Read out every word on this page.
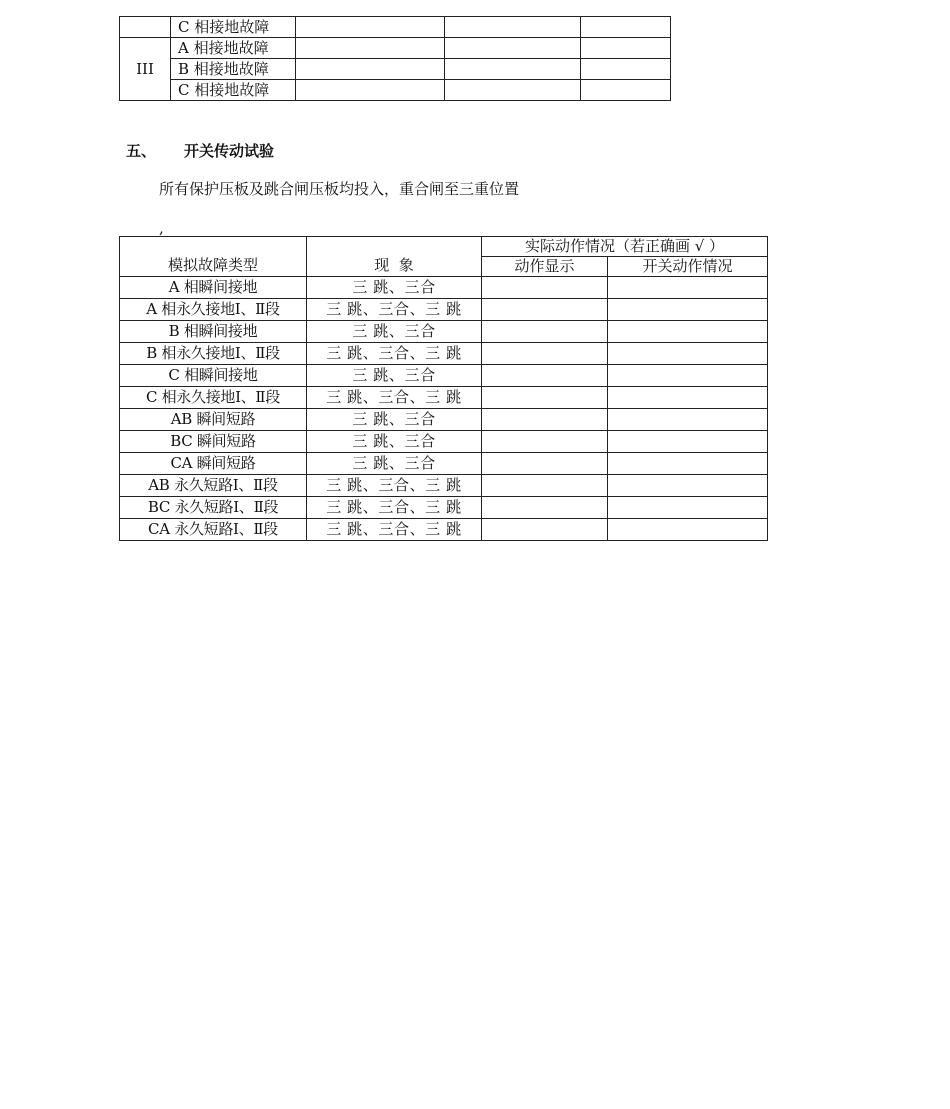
	C 相接地故障			
III	A 相接地故障			
	B 相接地故障			
	C 相接地故障			
五、 开关传动试验
所有保护压板及跳合闸压板均投入，重合闸至三重位置
,
模拟故障类型	现  象	实际动作情况（若正确画 √ ）	
		动作显示	开关动作情况
A 相瞬间接地	三 跳、三合		
A 相永久接地Ⅰ、Ⅱ段	三 跳、三合、三 跳		
B 相瞬间接地	三 跳、三合		
B 相永久接地Ⅰ、Ⅱ段	三 跳、三合、三 跳		
C 相瞬间接地	三 跳、三合		
C 相永久接地Ⅰ、Ⅱ段	三 跳、三合、三 跳		
AB 瞬间短路	三 跳、三合		
BC 瞬间短路	三 跳、三合		
CA 瞬间短路	三 跳、三合		
AB 永久短路Ⅰ、Ⅱ段	三 跳、三合、三 跳		
BC 永久短路Ⅰ、Ⅱ段	三 跳、三合、三 跳		
CA 永久短路Ⅰ、Ⅱ段	三 跳、三合、三 跳		
